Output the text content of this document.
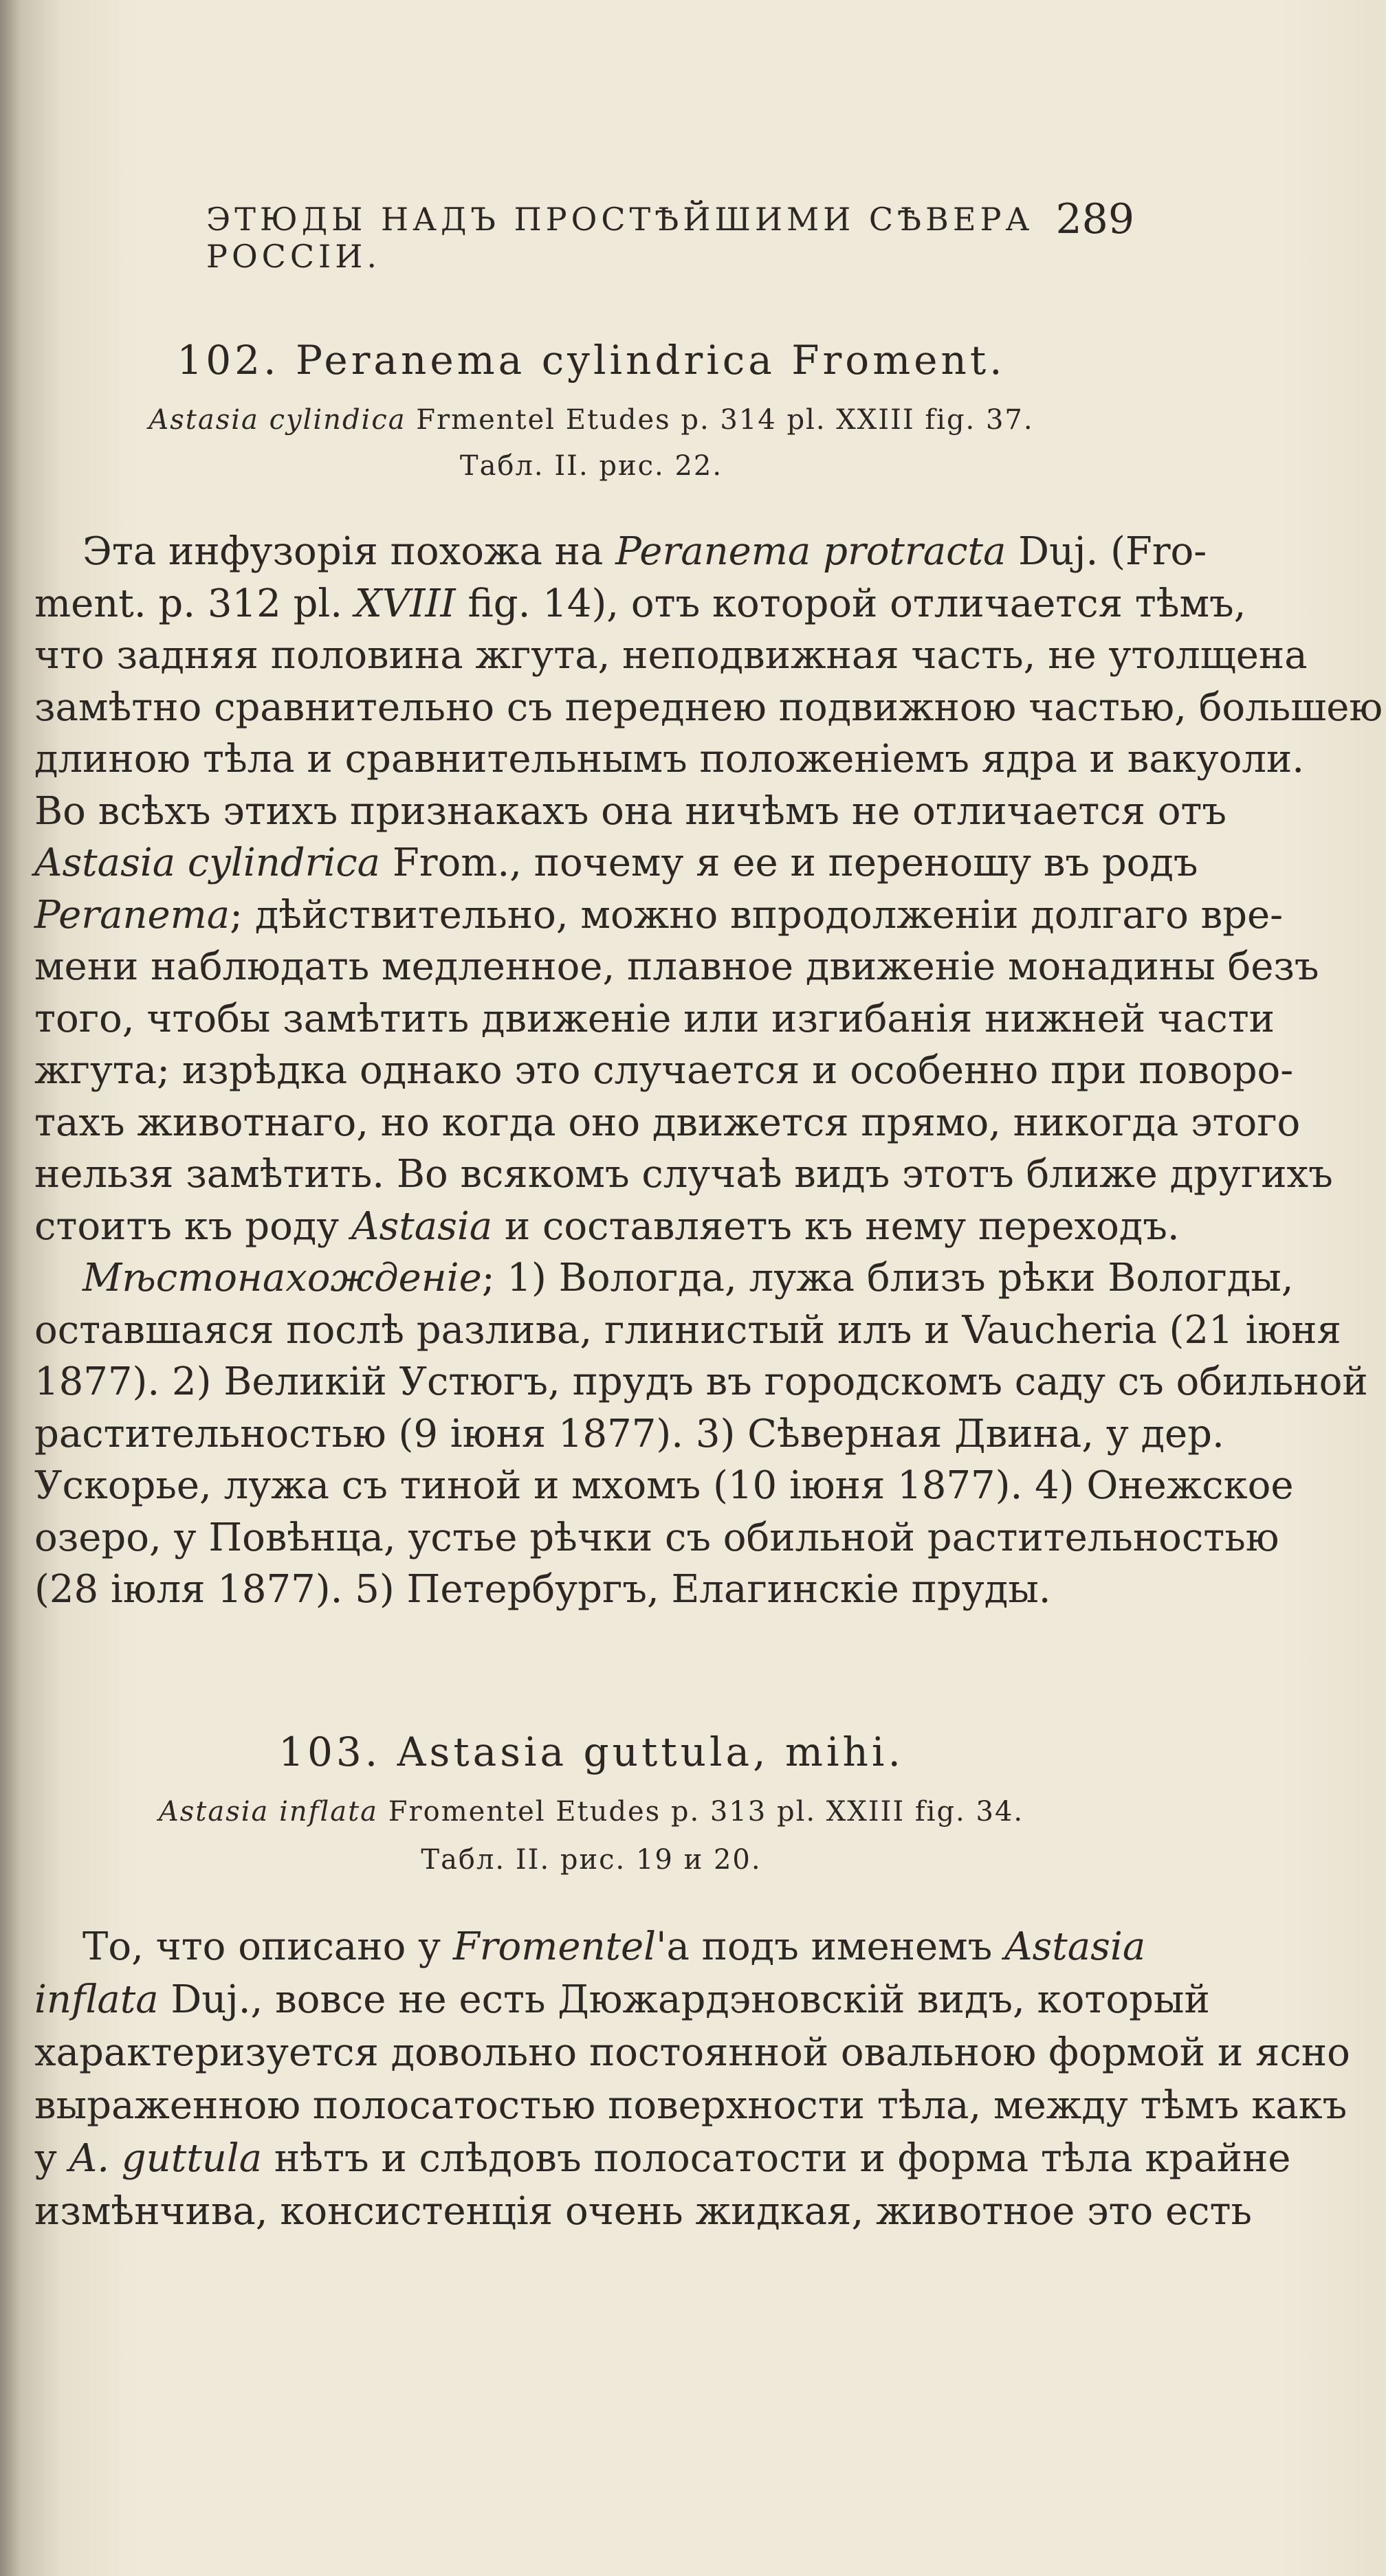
ЭТЮДЫ НАДЪ ПРОСТѢЙШИМИ СѢВЕРА РОССІИ.
289
102. Peranema cylindrica Froment.
Astasia cylindica Frmentel Etudes p. 314 pl. XXIII fig. 37.
Табл. II. рис. 22.
Эта инфузорія похожа на Peranema protracta Duj. (Fro-
ment. p. 312 pl. XVIII fig. 14), отъ которой отличается тѣмъ,
что задняя половина жгута, неподвижная часть, не утолщена
замѣтно сравнительно съ переднею подвижною частью, большею
длиною тѣла и сравнительнымъ положеніемъ ядра и вакуоли.
Во всѣхъ этихъ признакахъ она ничѣмъ не отличается отъ
Astasia cylindrica From., почему я ее и переношу въ родъ
Peranema; дѣйствительно, можно впродолженіи долгаго вре-
мени наблюдать медленное, плавное движеніе монадины безъ
того, чтобы замѣтить движеніе или изгибанія нижней части
жгута; изрѣдка однако это случается и особенно при поворо-
тахъ животнаго, но когда оно движется прямо, никогда этого
нельзя замѣтить. Во всякомъ случаѣ видъ этотъ ближе другихъ
стоитъ къ роду Astasia и составляетъ къ нему переходъ.
Мѣстонахожденіе; 1) Вологда, лужа близъ рѣки Вологды,
оставшаяся послѣ разлива, глинистый илъ и Vaucheria (21 іюня
1877). 2) Великій Устюгъ, прудъ въ городскомъ саду съ обильной
растительностью (9 іюня 1877). 3) Сѣверная Двина, у дер.
Ускорье, лужа съ тиной и мхомъ (10 іюня 1877). 4) Онежское
озеро, у Повѣнца, устье рѣчки съ обильной растительностью
(28 іюля 1877). 5) Петербургъ, Елагинскіе пруды.
103. Astasia guttula, mihi.
Astasia inflata Fromentel Etudes p. 313 pl. XXIII fig. 34.
Табл. II. рис. 19 и 20.
То, что описано у Fromentel'а подъ именемъ Astasia
inflata Duj., вовсе не есть Дюжардэновскій видъ, который
характеризуется довольно постоянной овальною формой и ясно
выраженною полосатостью поверхности тѣла, между тѣмъ какъ
у A. guttula нѣтъ и слѣдовъ полосатости и форма тѣла крайне
измѣнчива, консистенція очень жидкая, животное это есть
